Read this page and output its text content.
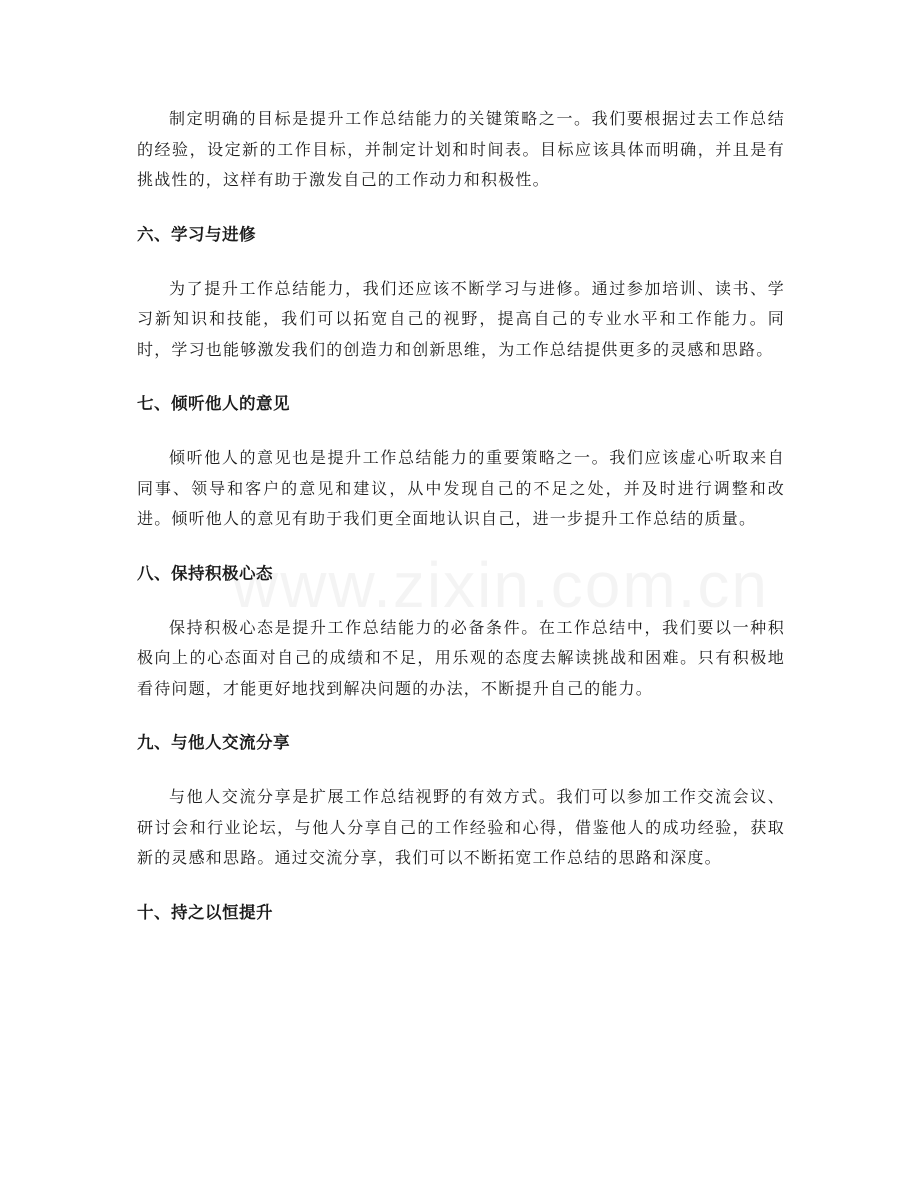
制定明确的目标是提升工作总结能力的关键策略之一。我们要根据过去工作总结的经验，设定新的工作目标，并制定计划和时间表。目标应该具体而明确，并且是有挑战性的，这样有助于激发自己的工作动力和积极性。

六、学习与进修

为了提升工作总结能力，我们还应该不断学习与进修。通过参加培训、读书、学习新知识和技能，我们可以拓宽自己的视野，提高自己的专业水平和工作能力。同时，学习也能够激发我们的创造力和创新思维，为工作总结提供更多的灵感和思路。

七、倾听他人的意见

倾听他人的意见也是提升工作总结能力的重要策略之一。我们应该虚心听取来自同事、领导和客户的意见和建议，从中发现自己的不足之处，并及时进行调整和改进。倾听他人的意见有助于我们更全面地认识自己，进一步提升工作总结的质量。

八、保持积极心态

保持积极心态是提升工作总结能力的必备条件。在工作总结中，我们要以一种积极向上的心态面对自己的成绩和不足，用乐观的态度去解读挑战和困难。只有积极地看待问题，才能更好地找到解决问题的办法，不断提升自己的能力。

九、与他人交流分享

与他人交流分享是扩展工作总结视野的有效方式。我们可以参加工作交流会议、研讨会和行业论坛，与他人分享自己的工作经验和心得，借鉴他人的成功经验，获取新的灵感和思路。通过交流分享，我们可以不断拓宽工作总结的思路和深度。

十、持之以恒提升
